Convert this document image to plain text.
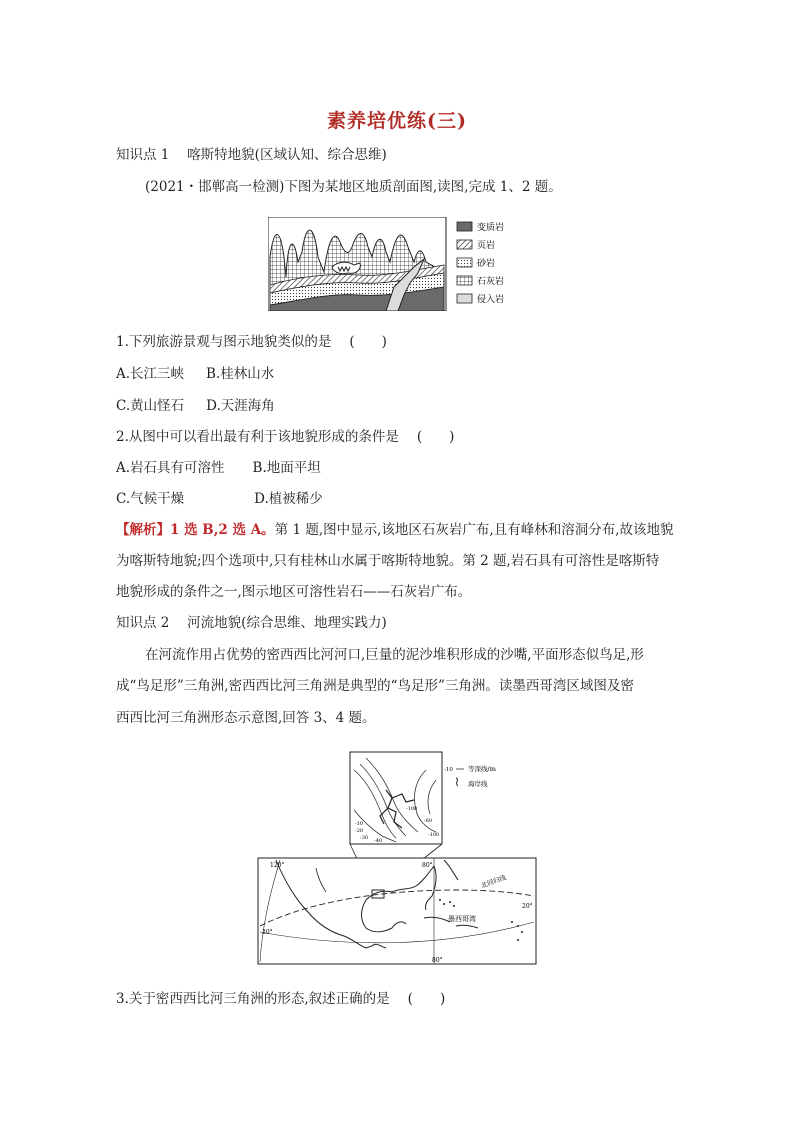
素养培优练(三)
知识点 1　 喀斯特地貌(区域认知、综合思维)
(2021・邯郸高一检测)下图为某地区地质剖面图,读图,完成 1、2 题。
变质岩
页岩
砂岩
石灰岩
侵入岩
1.下列旅游景观与图示地貌类似的是 (　　)
A.长江三峡 B.桂林山水
C.黄山怪石 D.天涯海角
2.从图中可以看出最有利于该地貌形成的条件是 (　　)
A.岩石具有可溶性 B.地面平坦
C.气候干燥	D.植被稀少
【解析】1 选 B,2 选 A。第 1 题,图中显示,该地区石灰岩广布,且有峰林和溶洞分布,故该地貌
为喀斯特地貌;四个选项中,只有桂林山水属于喀斯特地貌。第 2 题,岩石具有可溶性是喀斯特
地貌形成的条件之一,图示地区可溶性岩石——石灰岩广布。
知识点 2　 河流地貌(综合思维、地理实践力)
在河流作用占优势的密西西比河河口,巨量的泥沙堆积形成的沙嘴,平面形态似鸟足,形
成“鸟足形”三角洲,密西西比河三角洲是典型的“鸟足形”三角洲。读墨西哥湾区域图及密
西西比河三角洲形态示意图,回答 3、4 题。
-10
-20
-30 -40
-100
-60
-100
-10 等深线/m
海岸线
北回归线
墨西哥湾
120°	80°
80°
20°
20°
3.关于密西西比河三角洲的形态,叙述正确的是 (　　)
